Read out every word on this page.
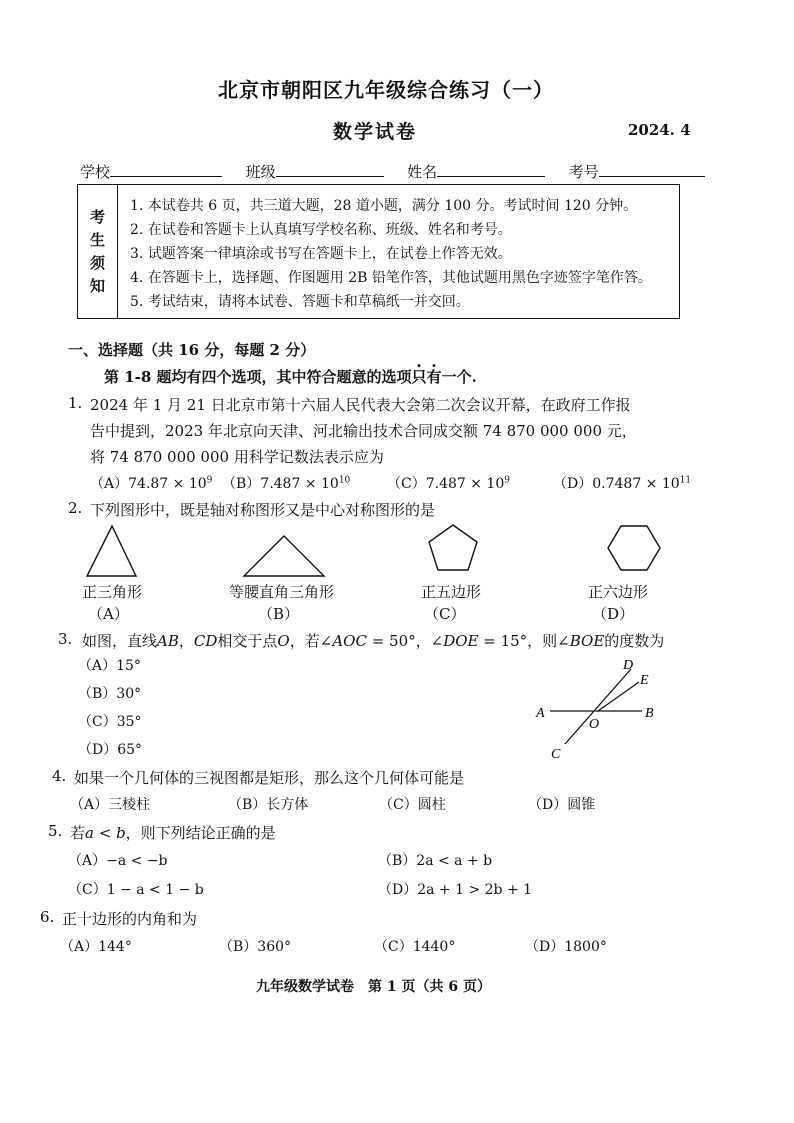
北京市朝阳区九年级综合练习（一）
数学试卷	2024. 4
学校	班级	姓名	考号
考
生
须
知
1. 本试卷共 6 页，共三道大题，28 道小题，满分 100 分。考试时间 120 分钟。
2. 在试卷和答题卡上认真填写学校名称、班级、姓名和考号。
3. 试题答案一律填涂或书写在答题卡上，在试卷上作答无效。
4. 在答题卡上，选择题、作图题用 2B 铅笔作答，其他试题用黑色字迹签字笔作答。
5. 考试结束，请将本试卷、答题卡和草稿纸一并交回。
一、选择题（共 16 分，每题 2 分）
第 1-8 题均有四个选项，其中符合题意的选项只有一个.
1. 2024 年 1 月 21 日北京市第十六届人民代表大会第二次会议开幕，在政府工作报
告中提到，2023 年北京向天津、河北输出技术合同成交额 74 870 000 000 元，
将 74 870 000 000 用科学记数法表示应为
$(A)74.87 \times 10^9$ $(B)7.487 \times 10^{10}$	$(C)7.487 \times 10^9$	$(D)0.7487 \times 10^{11}$
2. 下列图形中，既是轴对称图形又是中心对称图形的是
正三角形	等腰直角三角形	正五边形	正六边形
（A）	（B）	（C）	（D）
3. 如图，直线AB，CD相交于点O，若∠AOC = 50°，∠DOE = 15°，则∠BOE的度数为
（A）15°
（B）30°
（C）35°
（D）65°
A	B
C
D
E
O
4. 如果一个几何体的三视图都是矩形，那么这个几何体可能是
（A）三棱柱	（B）长方体	（C）圆柱	（D）圆锥
5. 若a < b，则下列结论正确的是
（A）−a < −b	（B）2a < a + b
（C）1 − a < 1 − b	（D）2a + 1 > 2b + 1
6. 正十边形的内角和为
（A）144°	（B）360°	（C）1440°	（D）1800°
九年级数学试卷　第 1 页（共 6 页）
